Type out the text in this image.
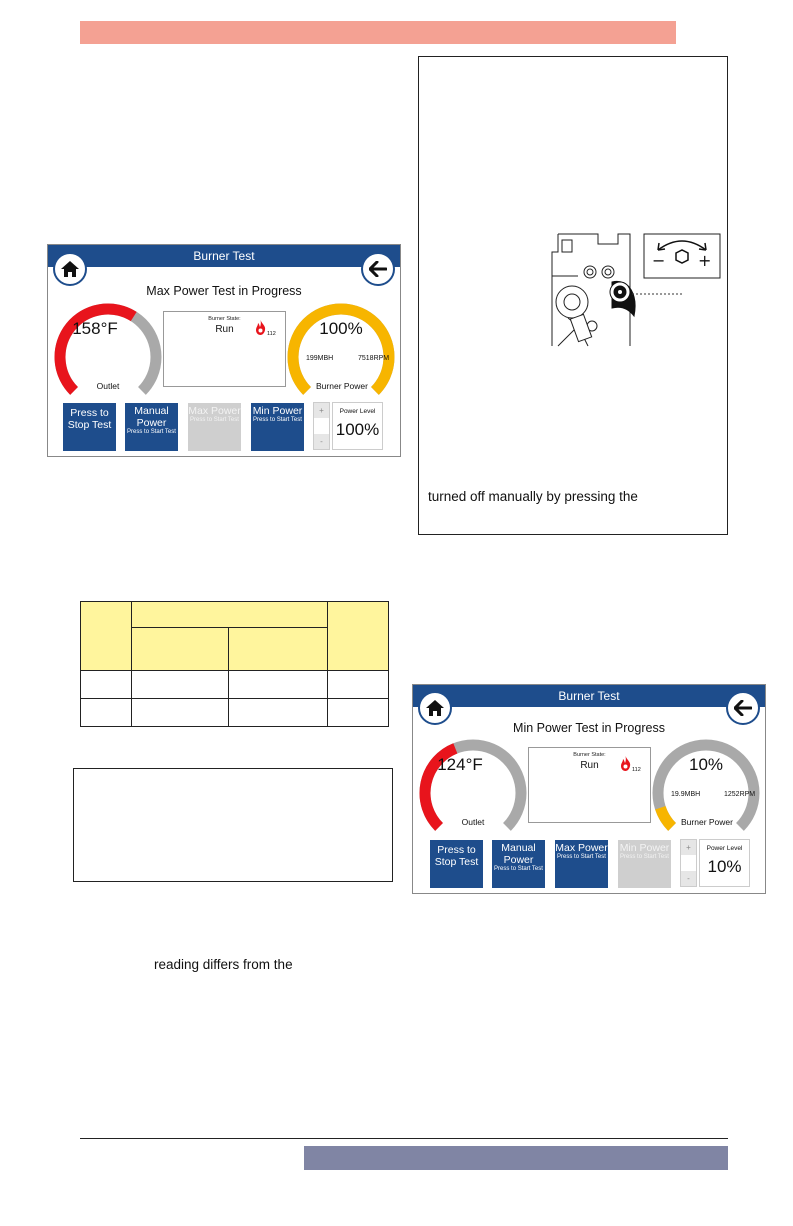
Burner Test
Max Power Test in Progress
158°F
Outlet
Burner State:
Run	112	100%
199MBH	7518RPM
Burner Power
Press to Stop Test
Manual Power
Press to Start Test
Max Power
Press to Start Test
Min Power
Press to Start Test
+
-
Power Level
100%
Burner Test
Min Power Test in Progress
124°F
Outlet
Burner State:
Run	112	10%
19.9MBH	1252RPM
Burner Power
Press to Stop Test
Manual Power
Press to Start Test
Max Power
Press to Start Test
Min Power
Press to Start Test
+
-
Power Level
10%
− +
turned off manually by pressing the

reading differs from the
